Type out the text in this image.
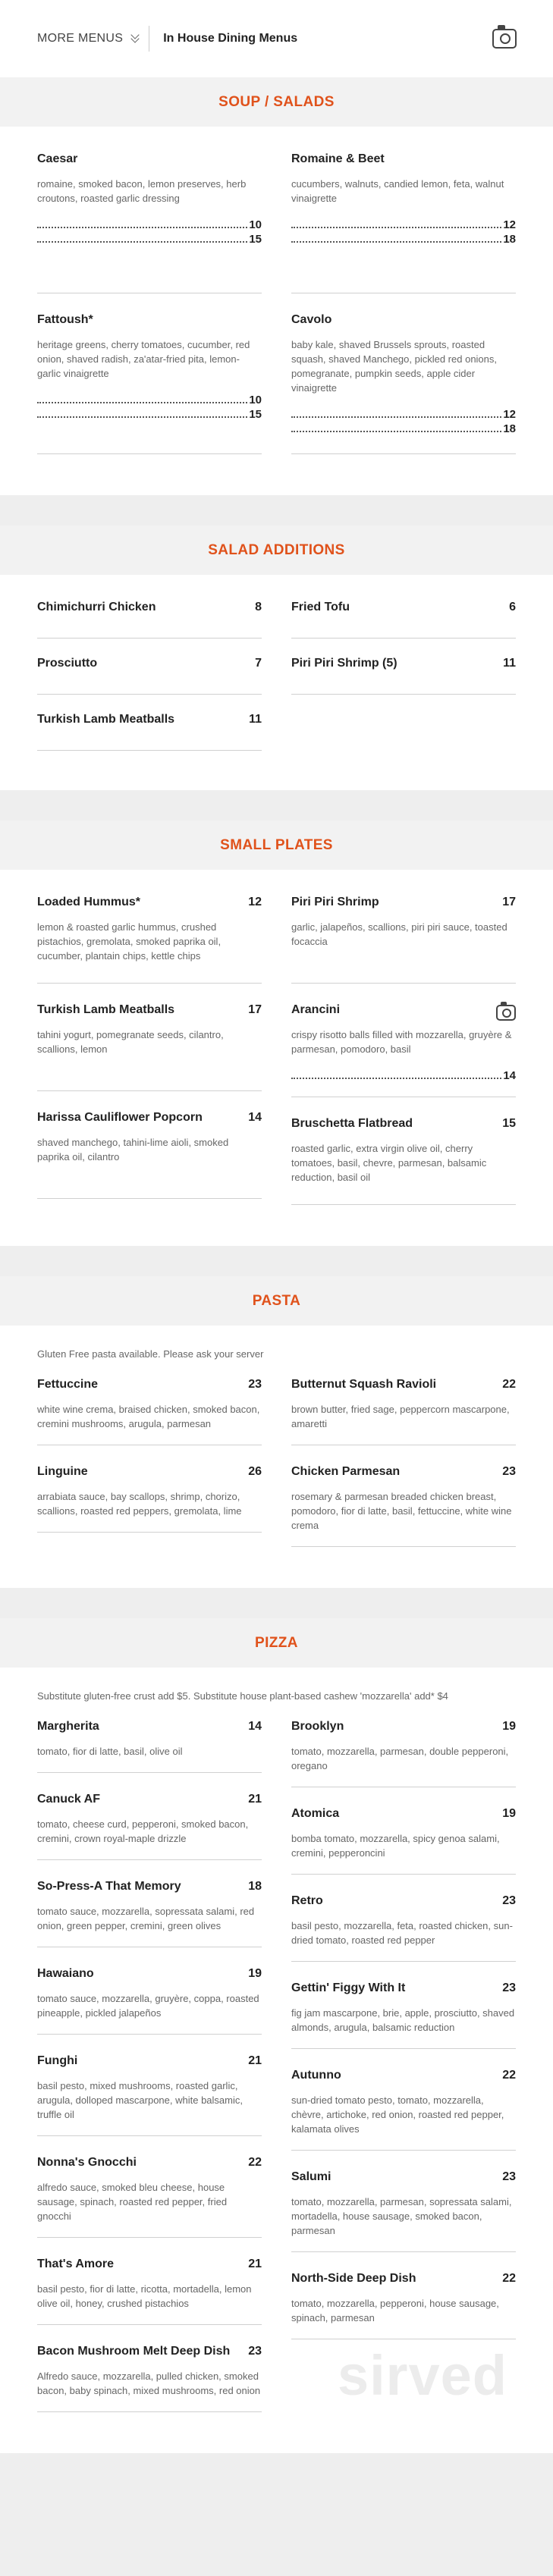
MORE MENUS	In House Dining Menus
SOUP / SALADS
Caesar
romaine, smoked bacon, lemon preserves, herb croutons, roasted garlic dressing
10
15
Fattoush*
heritage greens, cherry tomatoes, cucumber, red onion, shaved radish, za'atar-fried pita, lemon-garlic vinaigrette
10
15
Romaine & Beet
cucumbers, walnuts, candied lemon, feta, walnut vinaigrette
12
18
Cavolo
baby kale, shaved Brussels sprouts, roasted squash, shaved Manchego, pickled red onions, pomegranate, pumpkin seeds, apple cider vinaigrette
12
18
SALAD ADDITIONS
Chimichurri Chicken	8
Prosciutto	7
Turkish Lamb Meatballs	11
Fried Tofu	6
Piri Piri Shrimp (5)	11
SMALL PLATES
Loaded Hummus*	12
lemon & roasted garlic hummus, crushed pistachios, gremolata, smoked paprika oil, cucumber, plantain chips, kettle chips
Turkish Lamb Meatballs	17
tahini yogurt, pomegranate seeds, cilantro, scallions, lemon
Harissa Cauliflower Popcorn	14
shaved manchego, tahini-lime aioli, smoked paprika oil, cilantro
Piri Piri Shrimp	17
garlic, jalapeños, scallions, piri piri sauce, toasted focaccia
Arancini
crispy risotto balls filled with mozzarella, gruyère & parmesan, pomodoro, basil
14
Bruschetta Flatbread	15
roasted garlic, extra virgin olive oil, cherry tomatoes, basil, chevre, parmesan, balsamic reduction, basil oil
PASTA
Gluten Free pasta available. Please ask your server
Fettuccine	23
white wine crema, braised chicken, smoked bacon, cremini mushrooms, arugula, parmesan
Linguine	26
arrabiata sauce, bay scallops, shrimp, chorizo, scallions, roasted red peppers, gremolata, lime
Butternut Squash Ravioli	22
brown butter, fried sage, peppercorn mascarpone, amaretti
Chicken Parmesan	23
rosemary & parmesan breaded chicken breast, pomodoro, fior di latte, basil, fettuccine, white wine crema
PIZZA
Substitute gluten-free crust add $5. Substitute house plant-based cashew 'mozzarella' add* $4
Margherita	14
tomato, fior di latte, basil, olive oil
Canuck AF	21
tomato, cheese curd, pepperoni, smoked bacon, cremini, crown royal-maple drizzle
So-Press-A That Memory	18
tomato sauce, mozzarella, sopressata salami, red onion, green pepper, cremini, green olives
Hawaiano	19
tomato sauce, mozzarella, gruyère, coppa, roasted pineapple, pickled jalapeños
Funghi	21
basil pesto, mixed mushrooms, roasted garlic, arugula, dolloped mascarpone, white balsamic, truffle oil
Nonna's Gnocchi	22
alfredo sauce, smoked bleu cheese, house sausage, spinach, roasted red pepper, fried gnocchi
That's Amore	21
basil pesto, fior di latte, ricotta, mortadella, lemon olive oil, honey, crushed pistachios
Bacon Mushroom Melt Deep Dish 23
Alfredo sauce, mozzarella, pulled chicken, smoked bacon, baby spinach, mixed mushrooms, red onion
Brooklyn	19
tomato, mozzarella, parmesan, double pepperoni, oregano
Atomica	19
bomba tomato, mozzarella, spicy genoa salami, cremini, pepperoncini
Retro	23
basil pesto, mozzarella, feta, roasted chicken, sun-dried tomato, roasted red pepper
Gettin' Figgy With It	23
fig jam mascarpone, brie, apple, prosciutto, shaved almonds, arugula, balsamic reduction
Autunno	22
sun-dried tomato pesto, tomato, mozzarella, chèvre, artichoke, red onion, roasted red pepper, kalamata olives
Salumi	23
tomato, mozzarella, parmesan, sopressata salami, mortadella, house sausage, smoked bacon, parmesan
North-Side Deep Dish	22
tomato, mozzarella, pepperoni, house sausage, spinach, parmesan
sirved
